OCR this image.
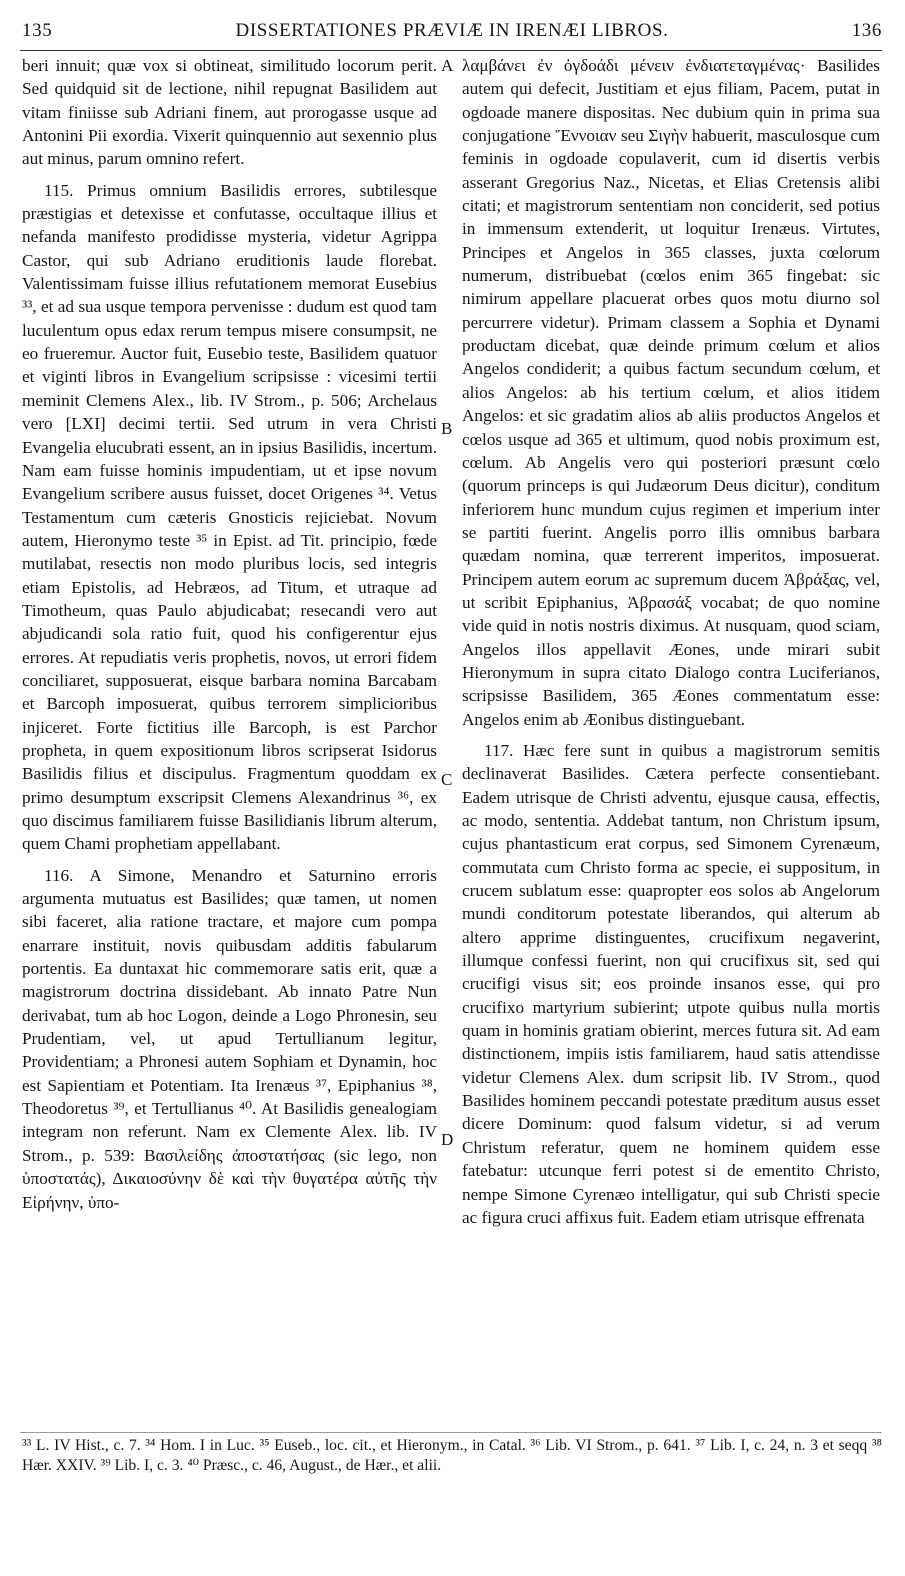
135	DISSERTATIONES PRÆVIÆ IN IRENÆI LIBROS.	136

beri innuit; quæ vox si obtineat, similitudo locorum perit. Sed quidquid sit de lectione, nihil repugnat Basilidem aut vitam finiisse sub Adriani finem, aut prorogasse usque ad Antonini Pii exordia. Vixerit quinquennio aut sexennio plus aut minus, parum omnino refert.

115. Primus omnium Basilidis errores, subtilesque præstigias et detexisse et confutasse, occultaque illius et nefanda manifesto prodidisse mysteria, videtur Agrippa Castor, qui sub Adriano eruditionis laude florebat. Valentissimam fuisse illius refutationem memorat Eusebius ³³, et ad sua usque tempora pervenisse : dudum est quod tam luculentum opus edax rerum tempus misere consumpsit, ne eo frueremur. Auctor fuit, Eusebio teste, Basilidem quatuor et viginti libros in Evangelium scripsisse : vicesimi tertii meminit Clemens Alex., lib. IV Strom., p. 506; Archelaus vero [LXI] decimi tertii. Sed utrum in vera Christi Evangelia elucubrati essent, an in ipsius Basilidis, incertum. Nam eam fuisse hominis impudentiam, ut et ipse novum Evangelium scribere ausus fuisset, docet Origenes ³⁴. Vetus Testamentum cum cæteris Gnosticis rejiciebat. Novum autem, Hieronymo teste ³⁵ in Epist. ad Tit. principio, fœde mutilabat, resectis non modo pluribus locis, sed integris etiam Epistolis, ad Hebræos, ad Titum, et utraque ad Timotheum, quas Paulo abjudicabat; resecandi vero aut abjudicandi sola ratio fuit, quod his configerentur ejus errores. At repudiatis veris prophetis, novos, ut errori fidem conciliaret, supposuerat, eisque barbara nomina Barcabam et Barcoph imposuerat, quibus terrorem simplicioribus injiceret. Forte fictitius ille Barcoph, is est Parchor propheta, in quem expositionum libros scripserat Isidorus Basilidis filius et discipulus. Fragmentum quoddam ex primo desumptum exscripsit Clemens Alexandrinus ³⁶, ex quo discimus familiarem fuisse Basilidianis librum alterum, quem Chami prophetiam appellabant.

116. A Simone, Menandro et Saturnino erroris argumenta mutuatus est Basilides; quæ tamen, ut nomen sibi faceret, alia ratione tractare, et majore cum pompa enarrare instituit, novis quibusdam additis fabularum portentis. Ea duntaxat hic commemorare satis erit, quæ a magistrorum doctrina dissidebant. Ab innato Patre Nun derivabat, tum ab hoc Logon, deinde a Logo Phronesin, seu Prudentiam, vel, ut apud Tertullianum legitur, Providentiam; a Phronesi autem Sophiam et Dynamin, hoc est Sapientiam et Potentiam. Ita Irenæus ³⁷, Epiphanius ³⁸, Theodoretus ³⁹, et Tertullianus ⁴⁰. At Basilidis genealogiam integram non referunt. Nam ex Clemente Alex. lib. IV Strom., p. 539: Βασιλείδης ἀποστατήσας (sic lego, non ὑποστατάς), Δικαιοσύνην δὲ καὶ τὴν θυγατέρα αὐτῆς τὴν Εἰρήνην, ὑπο-

λαμβάνει ἐν ὀγδοάδι μένειν ἐνδιατεταγμένας· Basilides autem qui defecit, Justitiam et ejus filiam, Pacem, putat in ogdoade manere dispositas. Nec dubium quin in prima sua conjugatione Ἔννοιαν seu Σιγὴν habuerit, masculosque cum feminis in ogdoade copulaverit, cum id disertis verbis asserant Gregorius Naz., Nicetas, et Elias Cretensis alibi citati; et magistrorum sententiam non conciderit, sed potius in immensum extenderit, ut loquitur Irenæus. Virtutes, Principes et Angelos in 365 classes, juxta cœlorum numerum, distribuebat (cœlos enim 365 fingebat: sic nimirum appellare placuerat orbes quos motu diurno sol percurrere videtur). Primam classem a Sophia et Dynami productam dicebat, quæ deinde primum cœlum et alios Angelos condiderit; a quibus factum secundum cœlum, et alios Angelos: ab his tertium cœlum, et alios itidem Angelos: et sic gradatim alios ab aliis productos Angelos et cœlos usque ad 365 et ultimum, quod nobis proximum est, cœlum. Ab Angelis vero qui posteriori præsunt cœlo (quorum princeps is qui Judæorum Deus dicitur), conditum inferiorem hunc mundum cujus regimen et imperium inter se partiti fuerint. Angelis porro illis omnibus barbara quædam nomina, quæ terrerent imperitos, imposuerat. Principem autem eorum ac supremum ducem Ἀβράξας, vel, ut scribit Epiphanius, Ἀβρασάξ vocabat; de quo nomine vide quid in notis nostris diximus. At nusquam, quod sciam, Angelos illos appellavit Æones, unde mirari subit Hieronymum in supra citato Dialogo contra Luciferianos, scripsisse Basilidem, 365 Æones commentatum esse: Angelos enim ab Æonibus distinguebant.

117. Hæc fere sunt in quibus a magistrorum semitis declinaverat Basilides. Cætera perfecte consentiebant. Eadem utrisque de Christi adventu, ejusque causa, effectis, ac modo, sententia. Addebat tantum, non Christum ipsum, cujus phantasticum erat corpus, sed Simonem Cyrenæum, commutata cum Christo forma ac specie, ei suppositum, in crucem sublatum esse: quapropter eos solos ab Angelorum mundi conditorum potestate liberandos, qui alterum ab altero apprime distinguentes, crucifixum negaverint, illumque confessi fuerint, non qui crucifixus sit, sed qui crucifigi visus sit; eos proinde insanos esse, qui pro crucifixo martyrium subierint; utpote quibus nulla mortis quam in hominis gratiam obierint, merces futura sit. Ad eam distinctionem, impiis istis familiarem, haud satis attendisse videtur Clemens Alex. dum scripsit lib. IV Strom., quod Basilides hominem peccandi potestate præditum ausus esset dicere Dominum: quod falsum videtur, si ad verum Christum referatur, quem ne hominem quidem esse fatebatur: utcunque ferri potest si de ementito Christo, nempe Simone Cyrenæo intelligatur, qui sub Christi specie ac figura cruci affixus fuit. Eadem etiam utrisque effrenata

A
B
C
D

³³ L. IV Hist., c. 7. ³⁴ Hom. I in Luc. ³⁵ Euseb., loc. cit., et Hieronym., in Catal. ³⁶ Lib. VI Strom., p. 641. ³⁷ Lib. I, c. 24, n. 3 et seqq ³⁸ Hær. XXIV. ³⁹ Lib. I, c. 3. ⁴⁰ Præsc., c. 46, August., de Hær., et alii.
